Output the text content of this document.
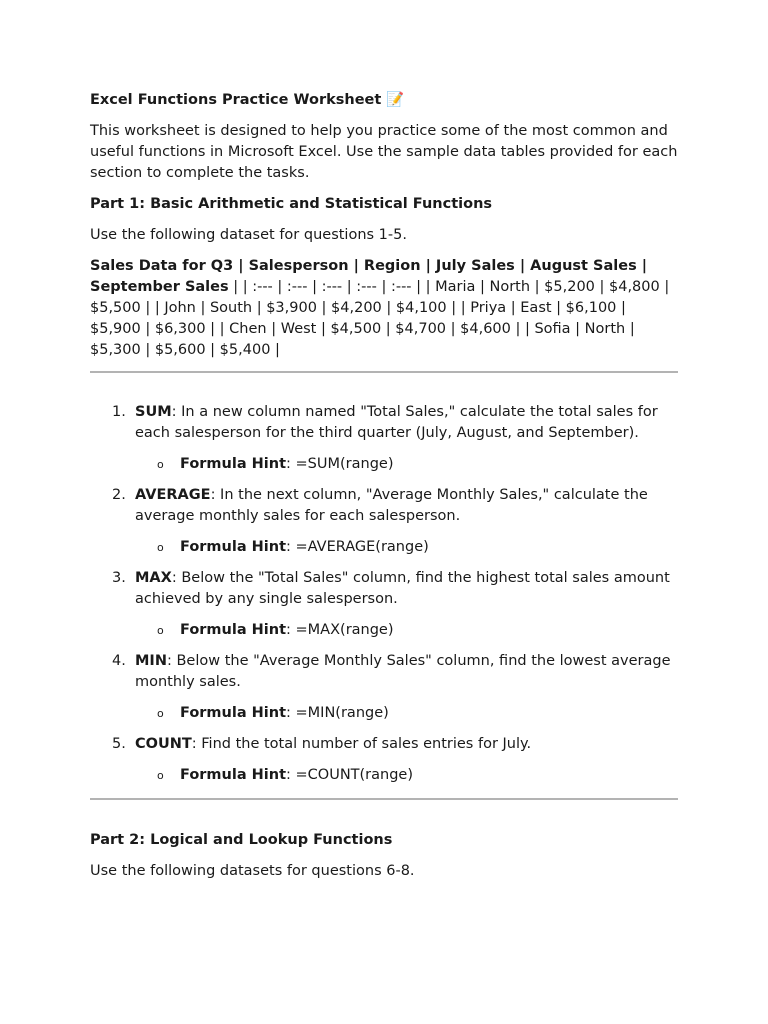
Excel Functions Practice Worksheet 📝

This worksheet is designed to help you practice some of the most common and useful functions in Microsoft Excel. Use the sample data tables provided for each section to complete the tasks.

Part 1: Basic Arithmetic and Statistical Functions

Use the following dataset for questions 1-5.

Sales Data for Q3 | Salesperson | Region | July Sales | August Sales | September Sales | | :--- | :--- | :--- | :--- | :--- | | Maria | North | $5,200 | $4,800 | $5,500 | | John | South | $3,900 | $4,200 | $4,100 | | Priya | East | $6,100 | $5,900 | $6,300 | | Chen | West | $4,500 | $4,700 | $4,600 | | Sofia | North | $5,300 | $5,600 | $5,400 |

1. SUM: In a new column named "Total Sales," calculate the total sales for each salesperson for the third quarter (July, August, and September).
o Formula Hint: =SUM(range)
2. AVERAGE: In the next column, "Average Monthly Sales," calculate the average monthly sales for each salesperson.
o Formula Hint: =AVERAGE(range)
3. MAX: Below the "Total Sales" column, find the highest total sales amount achieved by any single salesperson.
o Formula Hint: =MAX(range)
4. MIN: Below the "Average Monthly Sales" column, find the lowest average monthly sales.
o Formula Hint: =MIN(range)
5. COUNT: Find the total number of sales entries for July.
o Formula Hint: =COUNT(range)
Part 2: Logical and Lookup Functions

Use the following datasets for questions 6-8.
